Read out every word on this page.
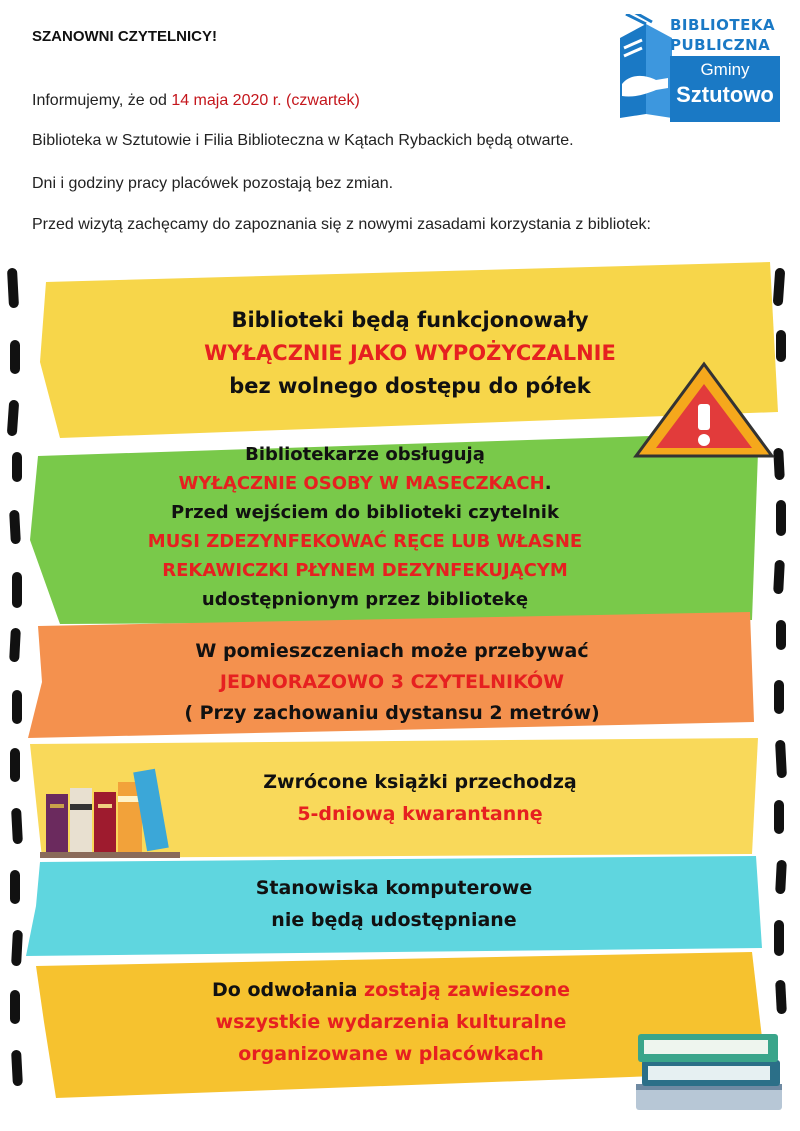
SZANOWNI CZYTELNICY!
BIBLIOTEKA
PUBLICZNA
Gminy
Sztutowo
Informujemy, że od 14 maja 2020 r. (czwartek)
Biblioteka w Sztutowie i Filia Biblioteczna w Kątach Rybackich będą otwarte.
Dni i godziny pracy placówek pozostają bez zmian.
Przed wizytą zachęcamy do zapoznania się z nowymi zasadami korzystania z bibliotek:
Biblioteki będą funkcjonowały
WYŁĄCZNIE JAKO WYPOŻYCZALNIE
bez wolnego dostępu do półek
Bibliotekarze obsługują
WYŁĄCZNIE OSOBY W MASECZKACH.
Przed wejściem do biblioteki czytelnik
MUSI ZDEZYNFEKOWAĆ RĘCE LUB WŁASNE
REKAWICZKI PŁYNEM DEZYNFEKUJĄCYM
udostępnionym przez bibliotekę
W pomieszczeniach może przebywać
JEDNORAZOWO 3 CZYTELNIKÓW
( Przy zachowaniu dystansu 2 metrów)
Zwrócone książki przechodzą
5-dniową kwarantannę
Stanowiska komputerowe
nie będą udostępniane
Do odwołania zostają zawieszone
wszystkie wydarzenia kulturalne
organizowane w placówkach
